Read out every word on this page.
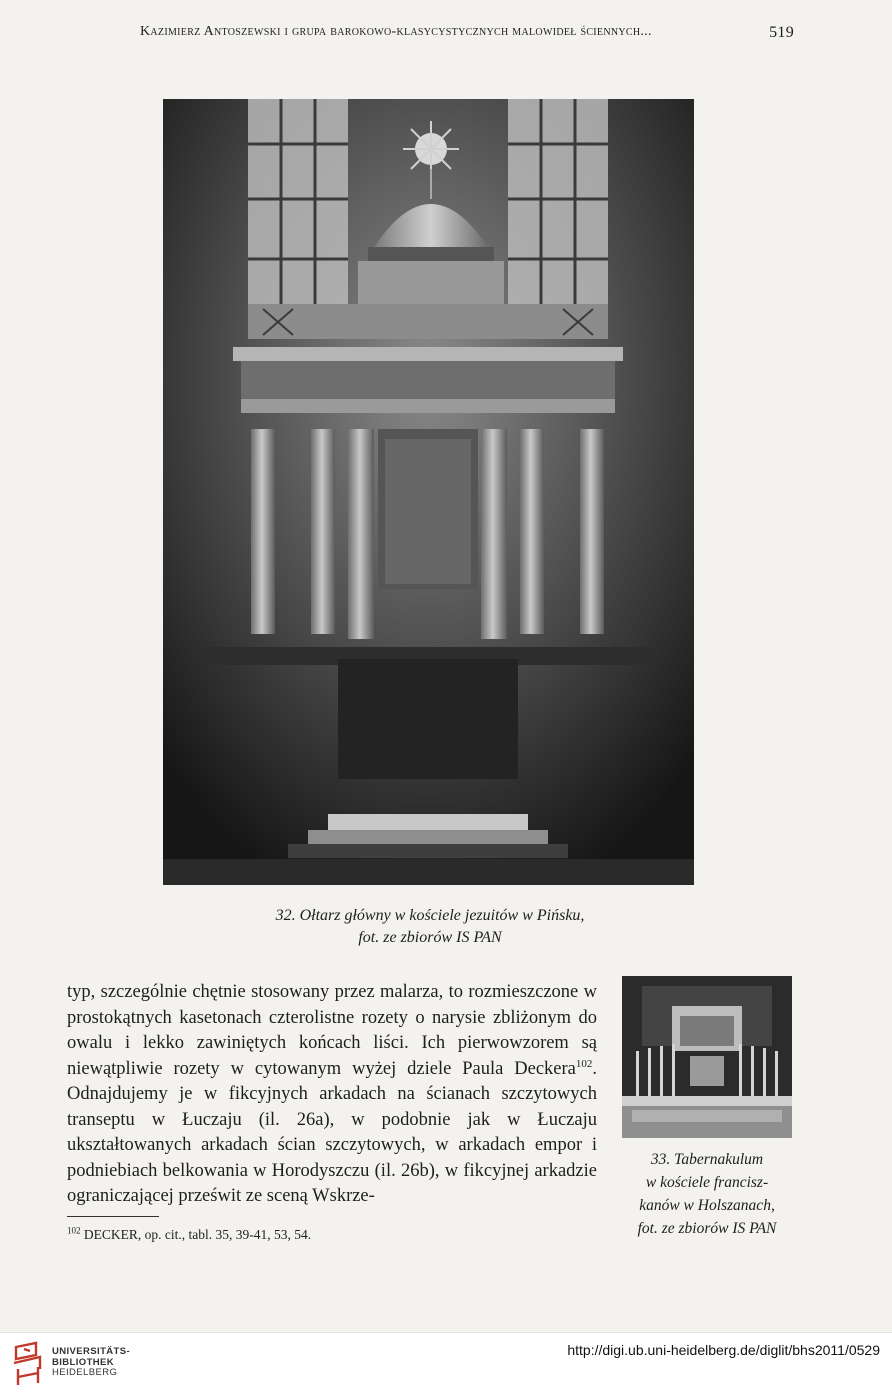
Kazimierz Antoszewski i grupa barokowo-klasycystycznych malowideł ściennych...	519
32. Ołtarz główny w kościele jezuitów w Pińsku,
fot. ze zbiorów IS PAN

typ, szczególnie chętnie stosowany przez malarza, to rozmieszczone w prostokątnych kasetonach czterolistne rozety o narysie zbliżonym do owalu i lekko zawiniętych końcach liści. Ich pierwowzorem są niewątpliwie rozety w cytowanym wyżej dziele Paula Deckera$^{102}$. Odnajdujemy je w fikcyjnych arkadach na ścianach szczytowych transeptu w Łuczaju (il. 26a), w podobnie jak w Łuczaju ukształtowanych arkadach ścian szczytowych, w arkadach empor i podniebiach belkowania w Horodyszczu (il. 26b), w fikcyjnej arkadzie ograniczającej prześwit ze sceną Wskrze-

33. Tabernakulum
w kościele francisz-
kanów w Holszanach,
fot. ze zbiorów IS PAN
$^{102}$ DECKER, op. cit., tabl. 35, 39-41, 53, 54.
UNIVERSITÄTS-
BIBLIOTHEK
HEIDELBERG
http://digi.ub.uni-heidelberg.de/diglit/bhs2011/0529
